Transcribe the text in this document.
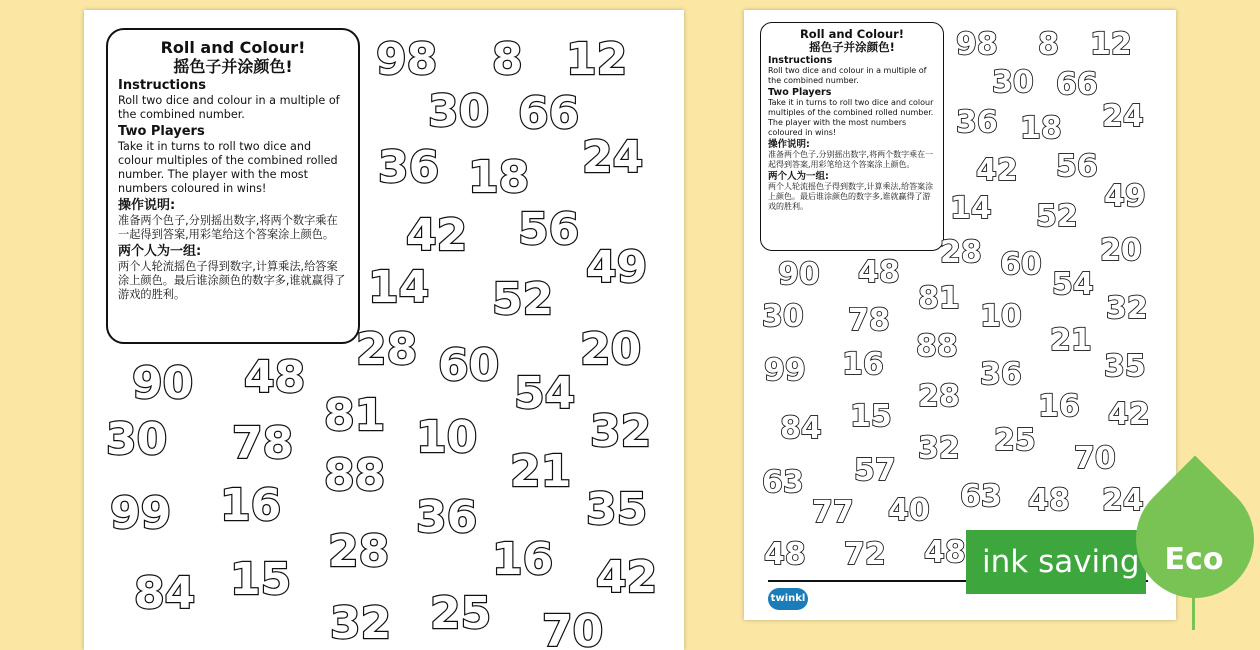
Roll and Colour!
摇色子并涂颜色!
Instructions
Roll two dice and colour in a multiple of the combined number.
Two Players
Take it in turns to roll two dice and colour multiples of the combined rolled number. The player with the most numbers coloured in wins!
操作说明:
准备两个色子,分别摇出数字,将两个数字乘在一起得到答案,用彩笔给这个答案涂上颜色。
两个人为一组:
两个人轮流摇色子得到数字,计算乘法,给答案涂上颜色。最后谁涂颜色的数字多,谁就赢得了游戏的胜利。
98 8 12
30 66
36 18 24
42 56
14	49
52
28 60 20
90 48
81	54
30 78	10	32
88	21
99 16	36 35
28 16
84 15	42
32 25 70
Roll and Colour!
摇色子并涂颜色!
Instructions
Roll two dice and colour in a multiple of the combined number.
Two Players
Take it in turns to roll two dice and colour multiples of the combined rolled number. The player with the most numbers coloured in wins!
操作说明:
准备两个色子,分别摇出数字,将两个数字乘在一起得到答案,用彩笔给这个答案涂上颜色。
两个人为一组:
两个人轮流摇色子得到数字,计算乘法,给答案涂上颜色。最后谁涂颜色的数字多,谁就赢得了游戏的胜利。
98 8 12
30 66
36 18 24
42 56
49
14 52
28 60 20
90 48
81	54
32
30 78	10
88	21
99 16	35
36
28	16 42
84 15
32 25
70
57
63	63 48 24
77 40
48 72 48
twinkl
ink saving Eco
